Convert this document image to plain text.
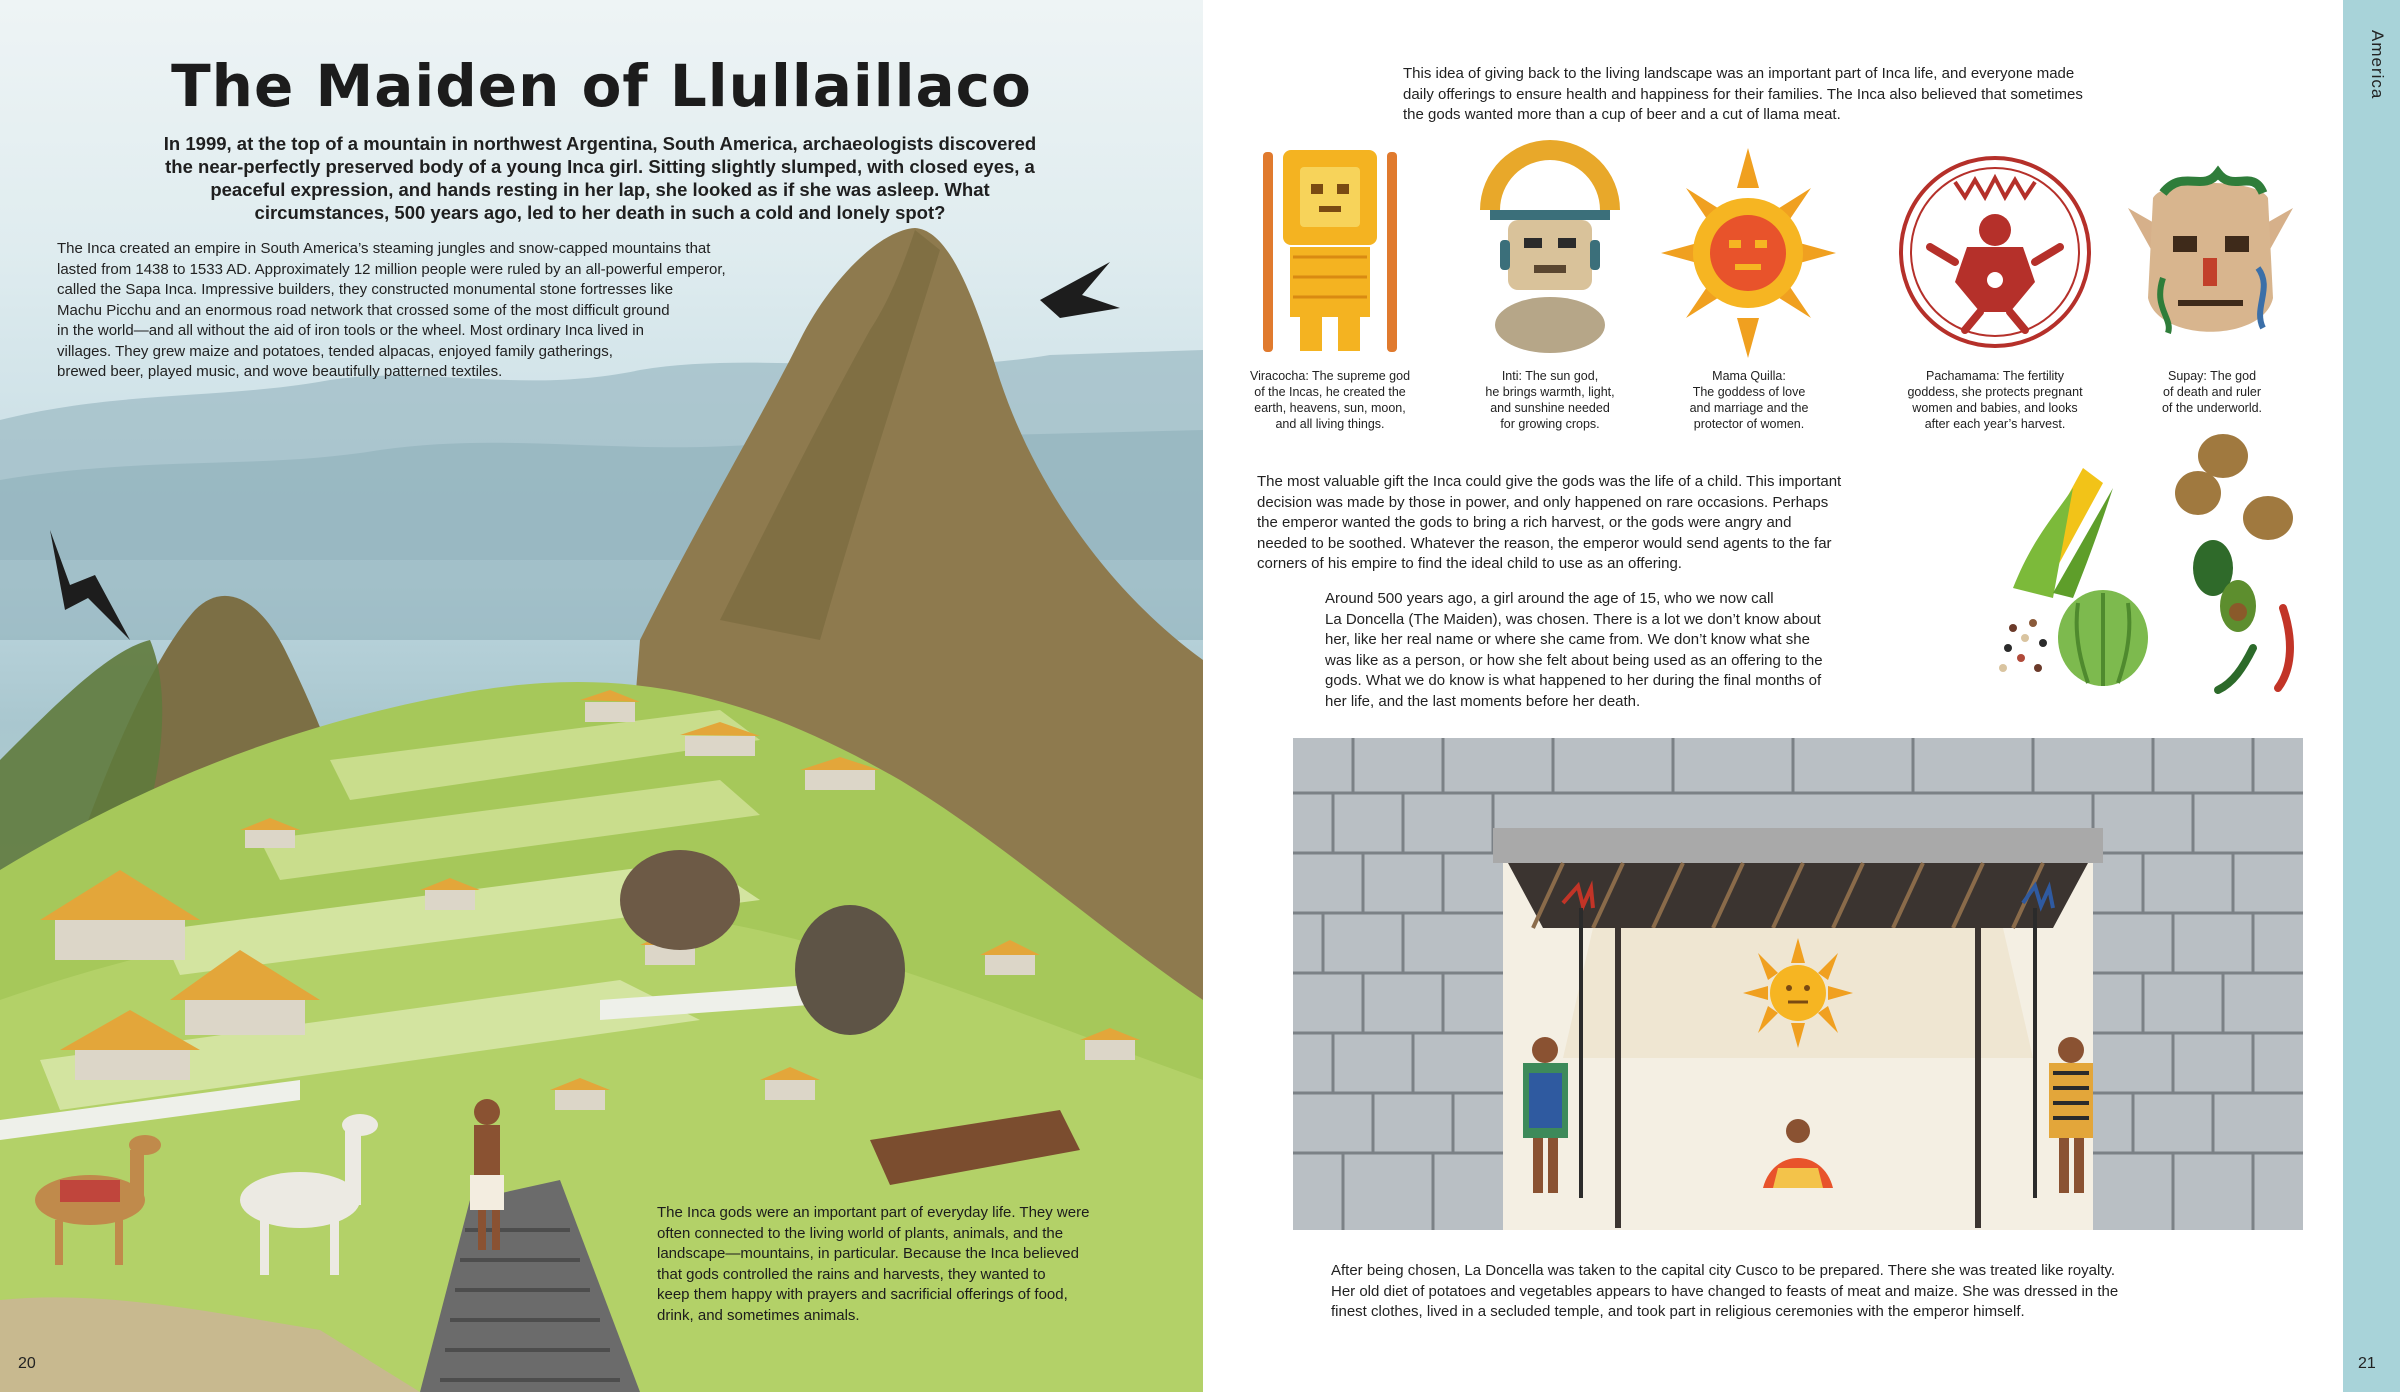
The Maiden of Llullaillaco

In 1999, at the top of a mountain in northwest Argentina, South America, archaeologists discovered the near-perfectly preserved body of a young Inca girl. Sitting slightly slumped, with closed eyes, a peaceful expression, and hands resting in her lap, she looked as if she was asleep. What circumstances, 500 years ago, led to her death in such a cold and lonely spot?

The Inca created an empire in South America’s steaming jungles and snow-capped mountains that
lasted from 1438 to 1533 AD. Approximately 12 million people were ruled by an all-powerful emperor,
called the Sapa Inca. Impressive builders, they constructed monumental stone fortresses like
Machu Picchu and an enormous road network that crossed some of the most difficult ground
in the world—and all without the aid of iron tools or the wheel. Most ordinary Inca lived in
villages. They grew maize and potatoes, tended alpacas, enjoyed family gatherings,
brewed beer, played music, and wove beautifully patterned textiles.
The Inca gods were an important part of everyday life. They were
often connected to the living world of plants, animals, and the
landscape—mountains, in particular. Because the Inca believed
that gods controlled the rains and harvests, they wanted to
keep them happy with prayers and sacrificial offerings of food,
drink, and sometimes animals.

20

This idea of giving back to the living landscape was an important part of Inca life, and everyone made
daily offerings to ensure health and happiness for their families. The Inca also believed that sometimes
the gods wanted more than a cup of beer and a cut of llama meat.
Viracocha: The supreme god
of the Incas, he created the
earth, heavens, sun, moon,
and all living things.
Inti: The sun god,
he brings warmth, light,
and sunshine needed
for growing crops.
Mama Quilla:
The goddess of love
and marriage and the
protector of women.
Pachamama: The fertility
goddess, she protects pregnant
women and babies, and looks
after each year’s harvest.
Supay: The god
of death and ruler
of the underworld.
The most valuable gift the Inca could give the gods was the life of a child. This important
decision was made by those in power, and only happened on rare occasions. Perhaps
the emperor wanted the gods to bring a rich harvest, or the gods were angry and
needed to be soothed. Whatever the reason, the emperor would send agents to the far
corners of his empire to find the ideal child to use as an offering.
Around 500 years ago, a girl around the age of 15, who we now call
La Doncella (The Maiden), was chosen. There is a lot we don’t know about
her, like her real name or where she came from. We don’t know what she
was like as a person, or how she felt about being used as an offering to the
gods. What we do know is what happened to her during the final months of
her life, and the last moments before her death.
After being chosen, La Doncella was taken to the capital city Cusco to be prepared. There she was treated like royalty.
Her old diet of potatoes and vegetables appears to have changed to feasts of meat and maize. She was dressed in the
finest clothes, lived in a secluded temple, and took part in religious ceremonies with the emperor himself.

America

21
